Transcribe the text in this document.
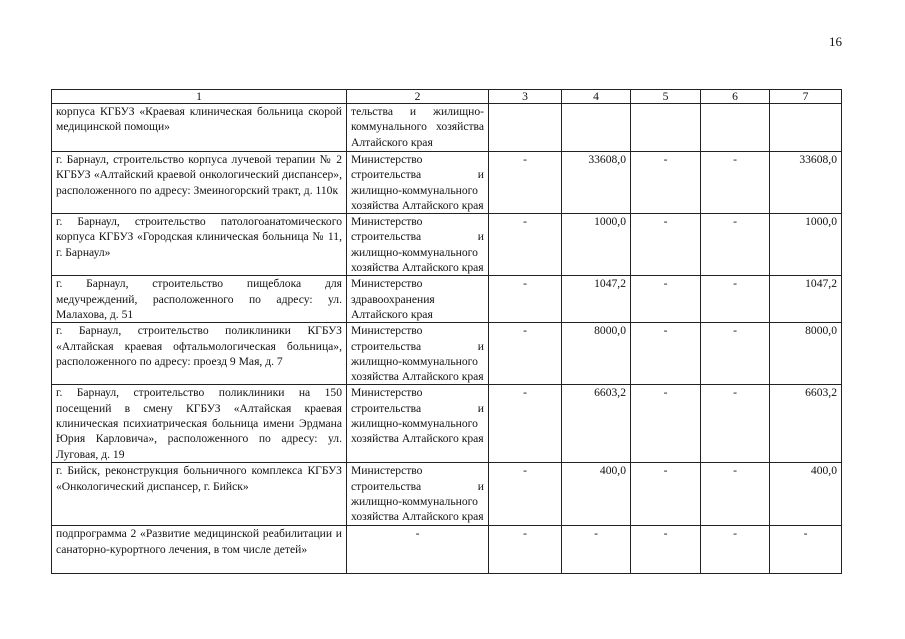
16
1	2	3	4	5	6	7
корпуса КГБУЗ «Краевая клиническая больница скорой медицинской помощи»	тельства и жилищно-коммунального хозяйства Алтайского края					
г. Барнаул, строительство корпуса лучевой терапии № 2 КГБУЗ «Алтайский краевой онкологический диспансер», расположенного по адресу: Змеиногорский тракт, д. 110к	Министерство строительства и жилищно-коммунального хозяйства Алтайского края	-	33608,0	-	-	33608,0
г. Барнаул, строительство патологоанатомического корпуса КГБУЗ «Городская клиническая больница № 11, г. Барнаул»	Министерство строительства и жилищно-коммунального хозяйства Алтайского края	-	1000,0	-	-	1000,0
г. Барнаул, строительство пищеблока для медучреждений, расположенного по адресу: ул. Малахова, д. 51	Министерство здравоохранения Алтайского края	-	1047,2	-	-	1047,2
г. Барнаул, строительство поликлиники КГБУЗ «Алтайская краевая офтальмологическая больница», расположенного по адресу: проезд 9 Мая, д. 7	Министерство строительства и жилищно-коммунального хозяйства Алтайского края	-	8000,0	-	-	8000,0
г. Барнаул, строительство поликлиники на 150 посещений в смену КГБУЗ «Алтайская краевая клиническая психиатрическая больница имени Эрдмана Юрия Карловича», расположенного по адресу: ул. Луговая, д. 19	Министерство строительства и жилищно-коммунального хозяйства Алтайского края	-	6603,2	-	-	6603,2
г. Бийск, реконструкция больничного комплекса КГБУЗ «Онкологический диспансер, г. Бийск»	Министерство строительства и жилищно-коммунального хозяйства Алтайского края	-	400,0	-	-	400,0
подпрограмма 2 «Развитие медицинской реабилитации и санаторно-курортного лечения, в том числе детей»	-	-	-	-	-	-
